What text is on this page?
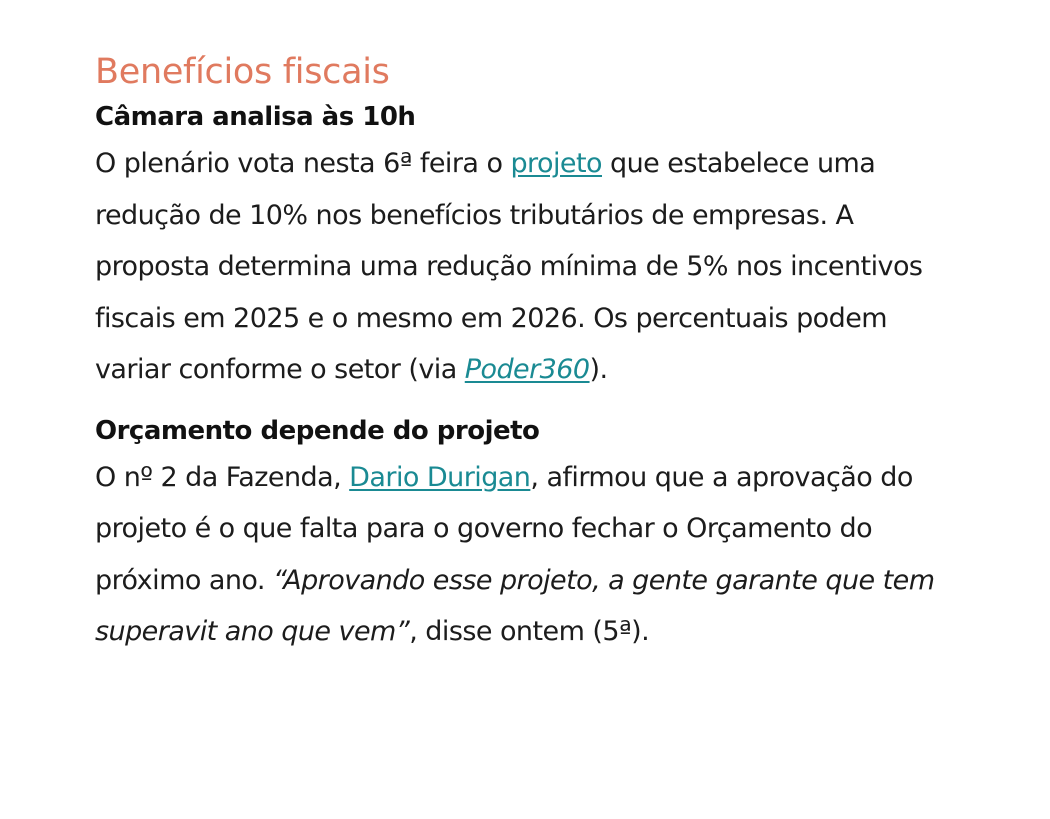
Benefícios fiscais
Câmara analisa às 10h

O plenário vota nesta 6ª feira o projeto que estabelece uma redução de 10% nos benefícios tributários de empresas. A proposta determina uma redução mínima de 5% nos incentivos fiscais em 2025 e o mesmo em 2026. Os percentuais podem variar conforme o setor (via Poder360).

Orçamento depende do projeto

O nº 2 da Fazenda, Dario Durigan, afirmou que a aprovação do projeto é o que falta para o governo fechar o Orçamento do próximo ano. “Aprovando esse projeto, a gente garante que tem superavit ano que vem”, disse ontem (5ª).
